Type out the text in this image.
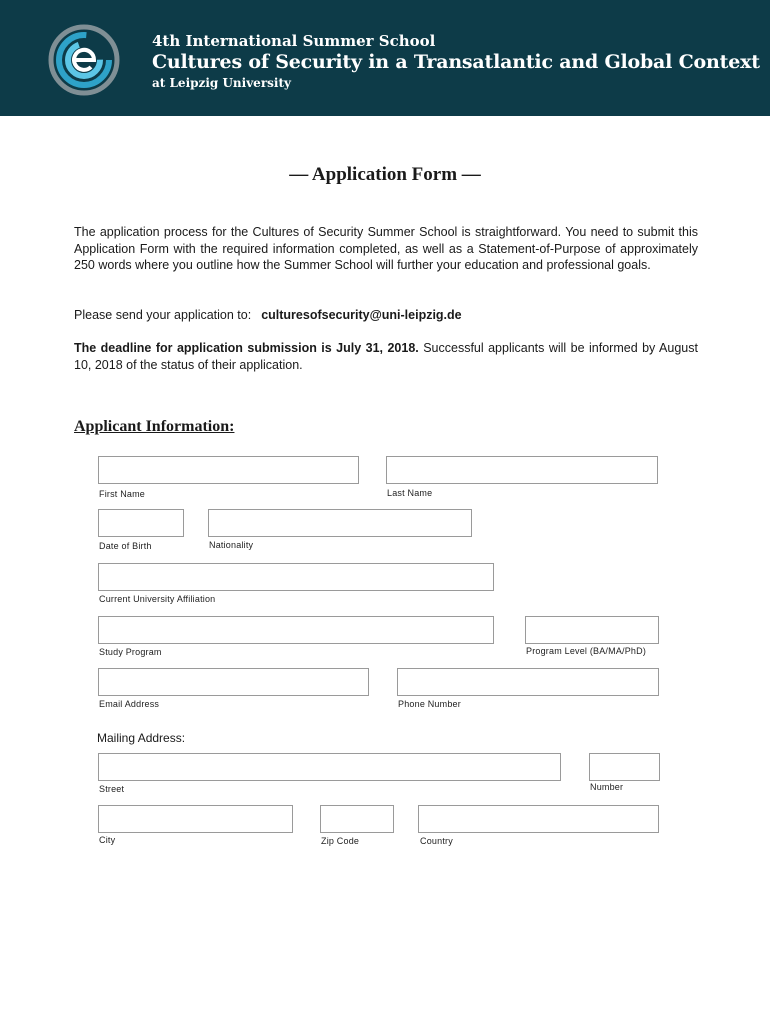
4th International Summer School
Cultures of Security in a Transatlantic and Global Context
at Leipzig University
— Application Form —

The application process for the Cultures of Security Summer School is straightforward. You need to submit this Application Form with the required information completed, as well as a Statement-of-Purpose of approximately 250 words where you outline how the Summer School will further your education and professional goals.

Please send your application to: culturesofsecurity@uni-leipzig.de

The deadline for application submission is July 31, 2018. Successful applicants will be informed by August 10, 2018 of the status of their application.

Applicant Information:
First Name	Last Name
Date of Birth	Nationality
Current University Affiliation
Study Program	Program Level (BA/MA/PhD)
Email Address	Phone Number
Mailing Address:
Street	Number
City	Zip Code	Country
